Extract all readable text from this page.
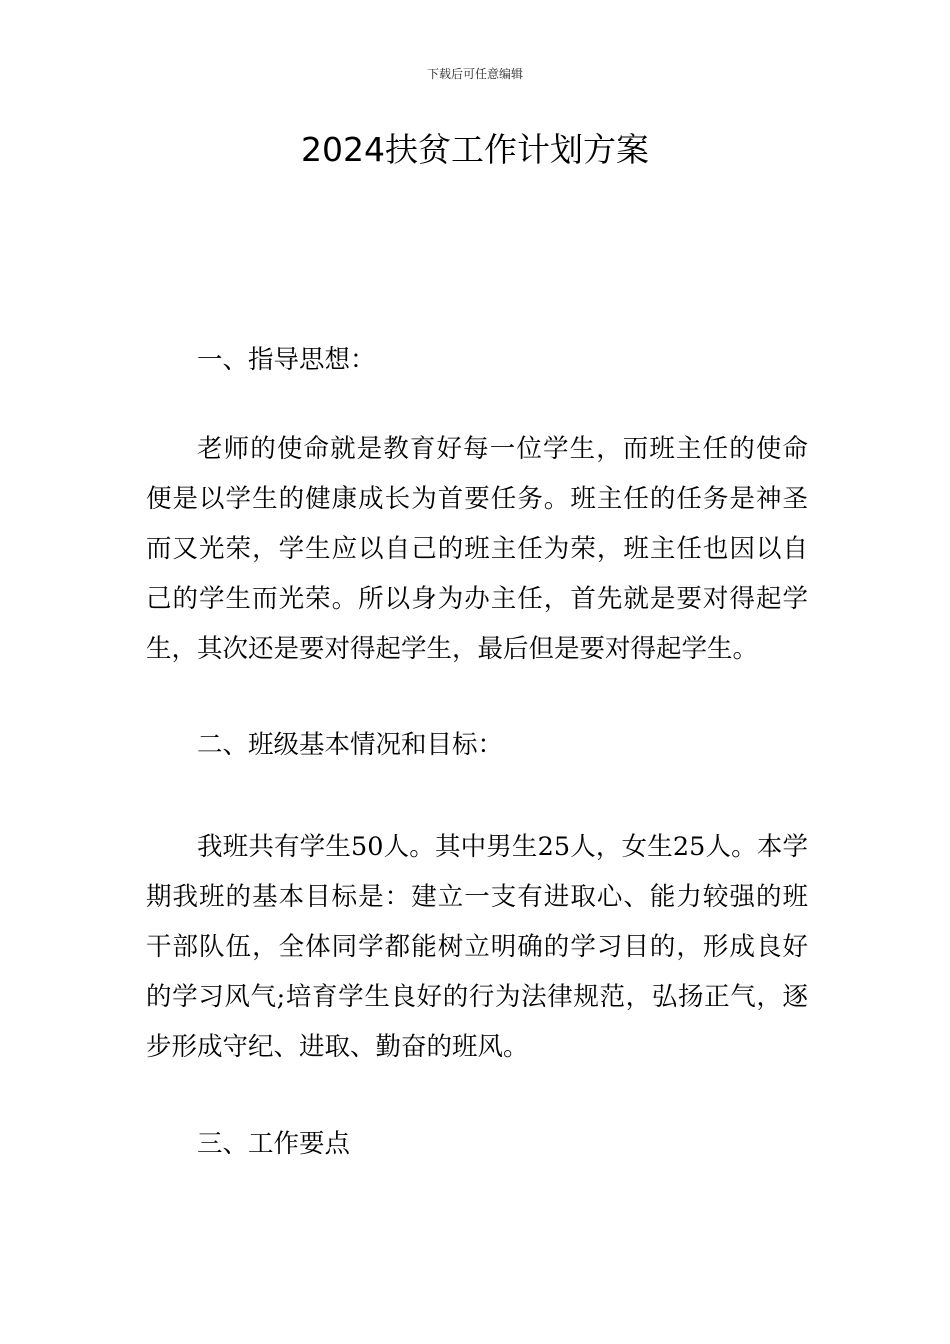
下载后可任意编辑
2024扶贫工作计划方案

一、指导思想：

老师的使命就是教育好每一位学生，而班主任的使命便是以学生的健康成长为首要任务。班主任的任务是神圣而又光荣，学生应以自己的班主任为荣，班主任也因以自己的学生而光荣。所以身为办主任，首先就是要对得起学生，其次还是要对得起学生，最后但是要对得起学生。

二、班级基本情况和目标：

我班共有学生50人。其中男生25人，女生25人。本学期我班的基本目标是：建立一支有进取心、能力较强的班干部队伍，全体同学都能树立明确的学习目的，形成良好的学习风气;培育学生良好的行为法律规范，弘扬正气，逐步形成守纪、进取、勤奋的班风。

三、工作要点
